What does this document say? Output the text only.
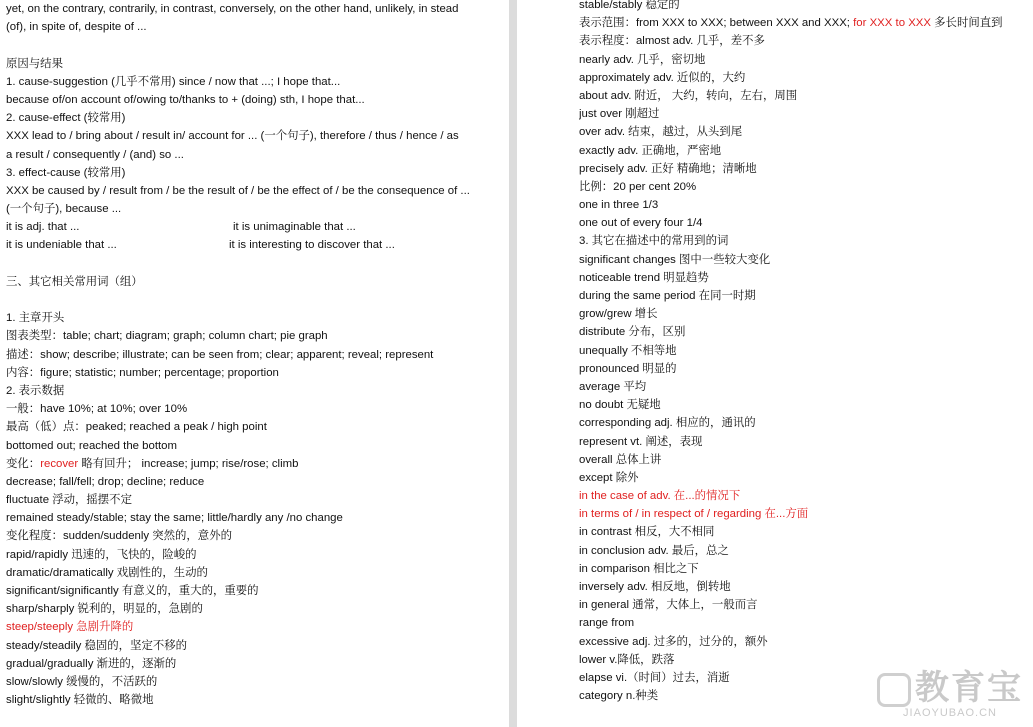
yet, on the contrary, contrarily, in contrast, conversely, on the other hand, unlikely, in stead
(of), in spite of, despite of ...
原因与结果
1. cause-suggestion (几乎不常用) since / now that ...; I hope that...
because of/on account of/owing to/thanks to + (doing) sth, I hope that...
2. cause-effect (较常用)
XXX lead to / bring about / result in/ account for ... (一个句子), therefore / thus / hence / as
a result / consequently / (and) so ...
3. effect-cause (较常用)
XXX be caused by / result from / be the result of / be the effect of / be the consequence of ...
(一个句子), because ...
it is adj. that ...	it is unimaginable that ...
it is undeniable that ...	it is interesting to discover that ...
三、其它相关常用词（组）
1. 主章开头
图表类型：table; chart; diagram; graph; column chart; pie graph
描述：show; describe; illustrate; can be seen from; clear; apparent; reveal; represent
内容：figure; statistic; number; percentage; proportion
2. 表示数据
一般：have 10%; at 10%; over 10%
最高（低）点：peaked; reached a peak / high point
bottomed out; reached the bottom
变化：recover 略有回升； increase; jump; rise/rose; climb
decrease; fall/fell; drop; decline; reduce
fluctuate 浮动，摇摆不定
remained steady/stable; stay the same; little/hardly any /no change
变化程度：sudden/suddenly 突然的，意外的
rapid/rapidly 迅速的，飞快的，险峻的
dramatic/dramatically 戏剧性的，生动的
significant/significantly 有意义的，重大的，重要的
sharp/sharply 锐利的，明显的，急剧的
steep/steeply 急剧升降的
steady/steadily 稳固的，坚定不移的
gradual/gradually 渐进的，逐渐的
slow/slowly 缓慢的，不活跃的
slight/slightly 轻微的、略微地
stable/stably 稳定的
表示范围：from XXX to XXX; between XXX and XXX; for XXX to XXX 多长时间直到
表示程度：almost adv. 几乎，差不多
nearly adv. 几乎，密切地
approximately adv. 近似的，大约
about adv. 附近， 大约，转向，左右，周围
just over 刚超过
over adv. 结束，越过，从头到尾
exactly adv. 正确地，严密地
precisely adv. 正好 精确地；清晰地
比例：20 per cent 20%
one in three 1/3
one out of every four 1/4
3. 其它在描述中的常用到的词
significant changes 图中一些较大变化
noticeable trend 明显趋势
during the same period 在同一时期
grow/grew 增长
distribute 分布，区别
unequally 不相等地
pronounced 明显的
average 平均
no doubt 无疑地
corresponding adj. 相应的，通讯的
represent vt. 阐述，表现
overall 总体上讲
except 除外
in the case of adv. 在...的情况下
in terms of / in respect of / regarding 在...方面
in contrast 相反，大不相同
in conclusion adv. 最后，总之
in comparison 相比之下
inversely adv. 相反地，倒转地
in general 通常，大体上，一般而言
range from
excessive adj. 过多的，过分的，额外
lower v.降低，跌落
elapse vi.（时间）过去，消逝
category n.种类	教育宝
JIAOYUBAO.CN
